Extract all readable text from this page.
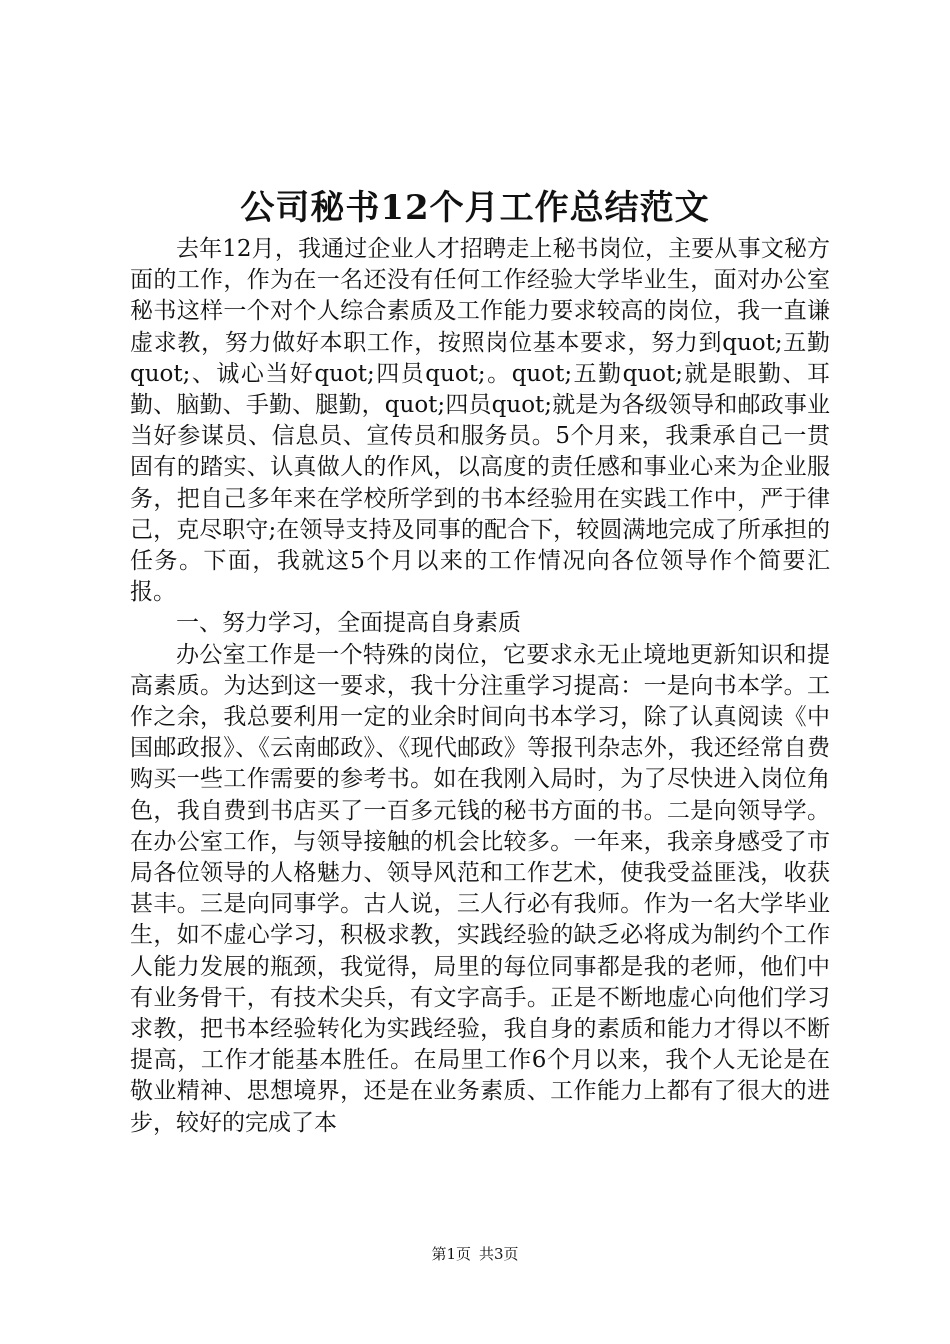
公司秘书12个月工作总结范文

去年12月，我通过企业人才招聘走上秘书岗位，主要从事文秘方面的工作，作为在一名还没有任何工作经验大学毕业生，面对办公室秘书这样一个对个人综合素质及工作能力要求较高的岗位，我一直谦虚求教，努力做好本职工作，按照岗位基本要求，努力到quot;五勤quot;、诚心当好quot;四员quot;。quot;五勤quot;就是眼勤、耳勤、脑勤、手勤、腿勤，quot;四员quot;就是为各级领导和邮政事业当好参谋员、信息员、宣传员和服务员。5个月来，我秉承自己一贯固有的踏实、认真做人的作风，以高度的责任感和事业心来为企业服务，把自己多年来在学校所学到的书本经验用在实践工作中，严于律己，克尽职守;在领导支持及同事的配合下，较圆满地完成了所承担的任务。下面，我就这5个月以来的工作情况向各位领导作个简要汇报。

一、努力学习，全面提高自身素质

办公室工作是一个特殊的岗位，它要求永无止境地更新知识和提高素质。为达到这一要求，我十分注重学习提高：一是向书本学。工作之余，我总要利用一定的业余时间向书本学习，除了认真阅读《中国邮政报》、《云南邮政》、《现代邮政》等报刊杂志外，我还经常自费购买一些工作需要的参考书。如在我刚入局时，为了尽快进入岗位角色，我自费到书店买了一百多元钱的秘书方面的书。二是向领导学。在办公室工作，与领导接触的机会比较多。一年来，我亲身感受了市局各位领导的人格魅力、领导风范和工作艺术，使我受益匪浅，收获甚丰。三是向同事学。古人说，三人行必有我师。作为一名大学毕业生，如不虚心学习，积极求教，实践经验的缺乏必将成为制约个工作人能力发展的瓶颈，我觉得，局里的每位同事都是我的老师，他们中有业务骨干，有技术尖兵，有文字高手。正是不断地虚心向他们学习求教，把书本经验转化为实践经验，我自身的素质和能力才得以不断提高，工作才能基本胜任。在局里工作6个月以来，我个人无论是在敬业精神、思想境界，还是在业务素质、工作能力上都有了很大的进步，较好的完成了本

第1页 共3页
